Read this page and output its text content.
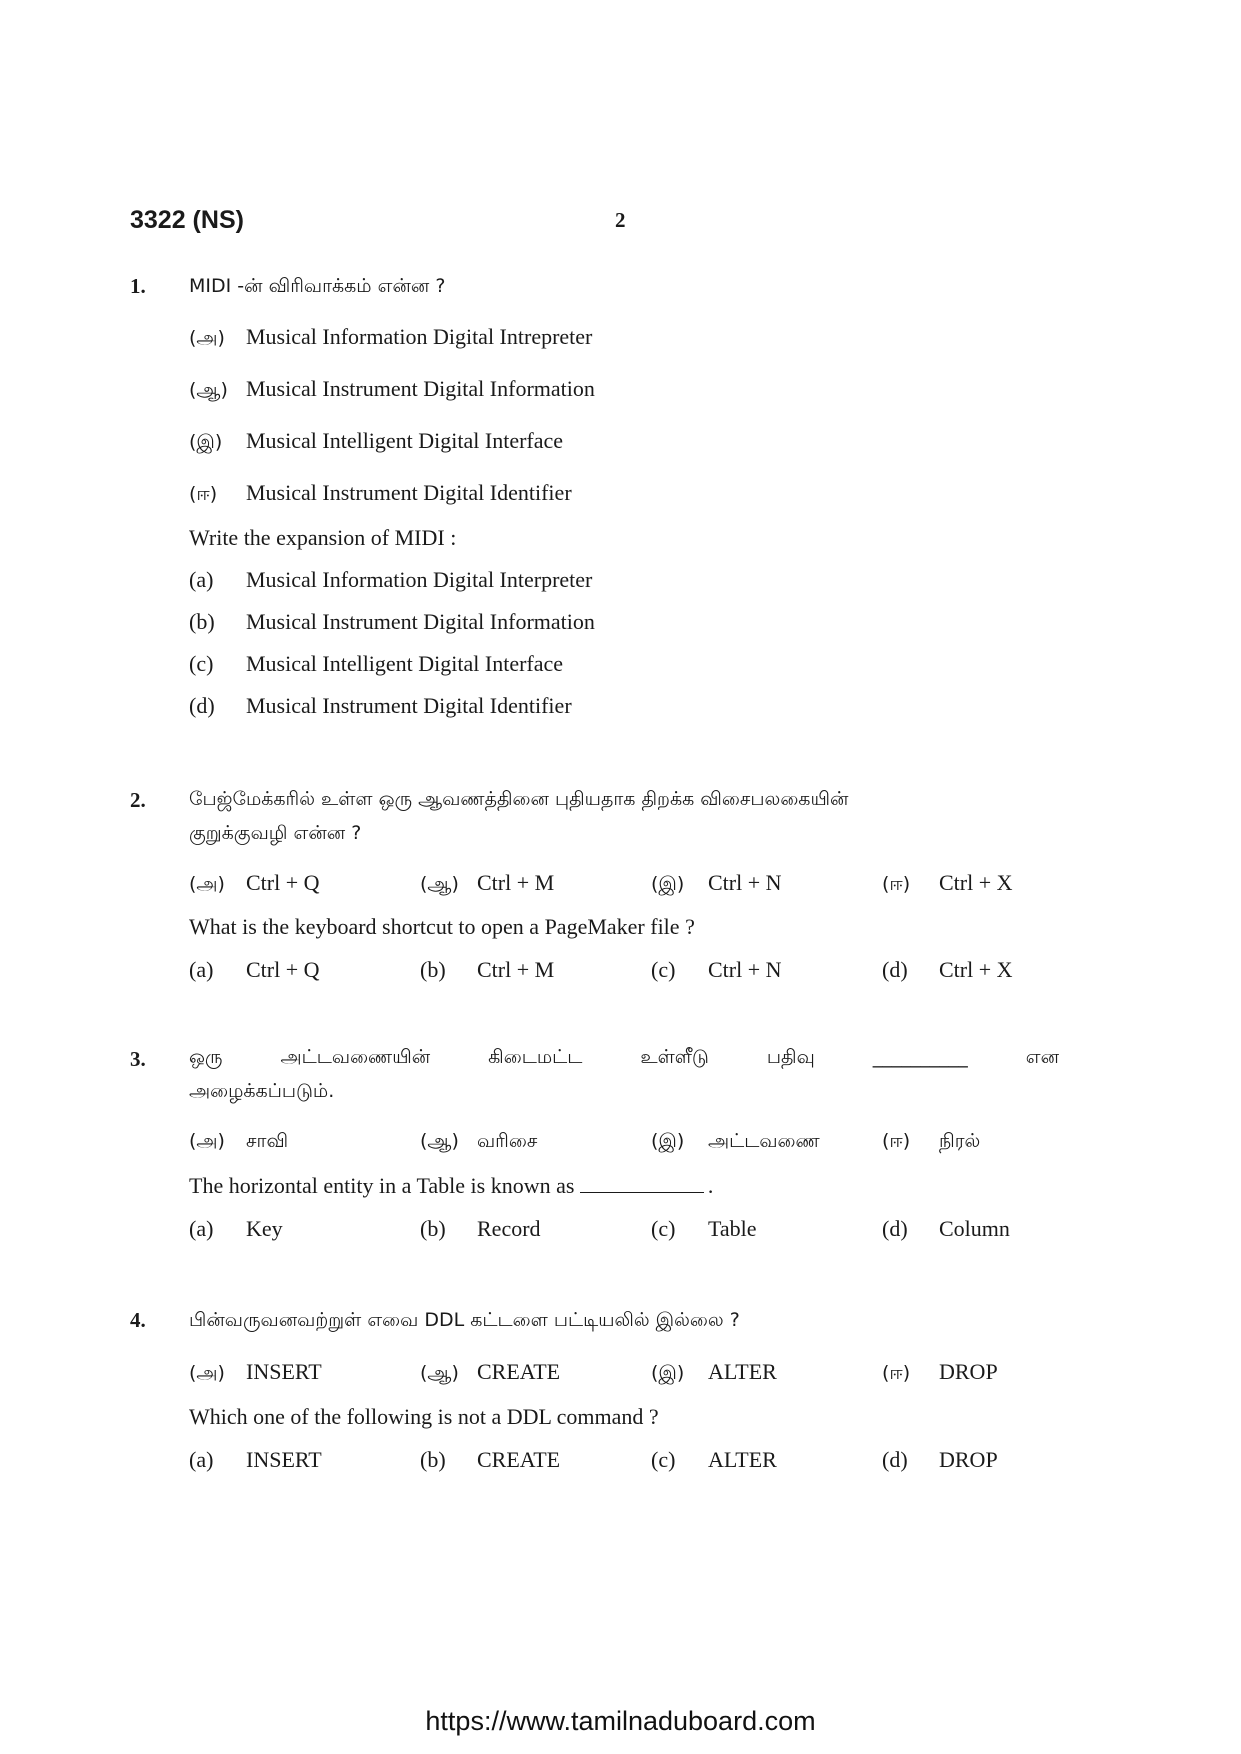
3322 (NS)	2
1. MIDI -ன் விரிவாக்கம் என்ன ?
(அ) Musical Information Digital Intrepreter
(ஆ) Musical Instrument Digital Information
(இ) Musical Intelligent Digital Interface
(ஈ) Musical Instrument Digital Identifier
Write the expansion of MIDI :
(a) Musical Information Digital Interpreter
(b) Musical Instrument Digital Information
(c) Musical Intelligent Digital Interface
(d) Musical Instrument Digital Identifier
2. பேஜ்மேக்கரில் உள்ள ஒரு ஆவணத்தினை புதியதாக திறக்க விசைபலகையின்
குறுக்குவழி என்ன ?
(அ) Ctrl + Q	(ஆ) Ctrl + M	(இ) Ctrl + N	(ஈ) Ctrl + X
What is the keyboard shortcut to open a PageMaker file ?
(a) Ctrl + Q	(b) Ctrl + M	(c) Ctrl + N	(d) Ctrl + X
3. ஒரு	அட்டவணையின்	கிடைமட்ட	உள்ளீடு	பதிவு	__________	என
அழைக்கப்படும்.
(அ) சாவி	(ஆ) வரிசை	(இ) அட்டவணை	(ஈ) நிரல்
The horizontal entity in a Table is known as	.
(a) Key	(b) Record	(c) Table	(d) Column
4. பின்வருவனவற்றுள் எவை DDL கட்டளை பட்டியலில் இல்லை ?
(அ) INSERT	(ஆ) CREATE	(இ) ALTER	(ஈ) DROP
Which one of the following is not a DDL command ?
(a) INSERT	(b) CREATE	(c) ALTER	(d) DROP
https://www.tamilnaduboard.com
